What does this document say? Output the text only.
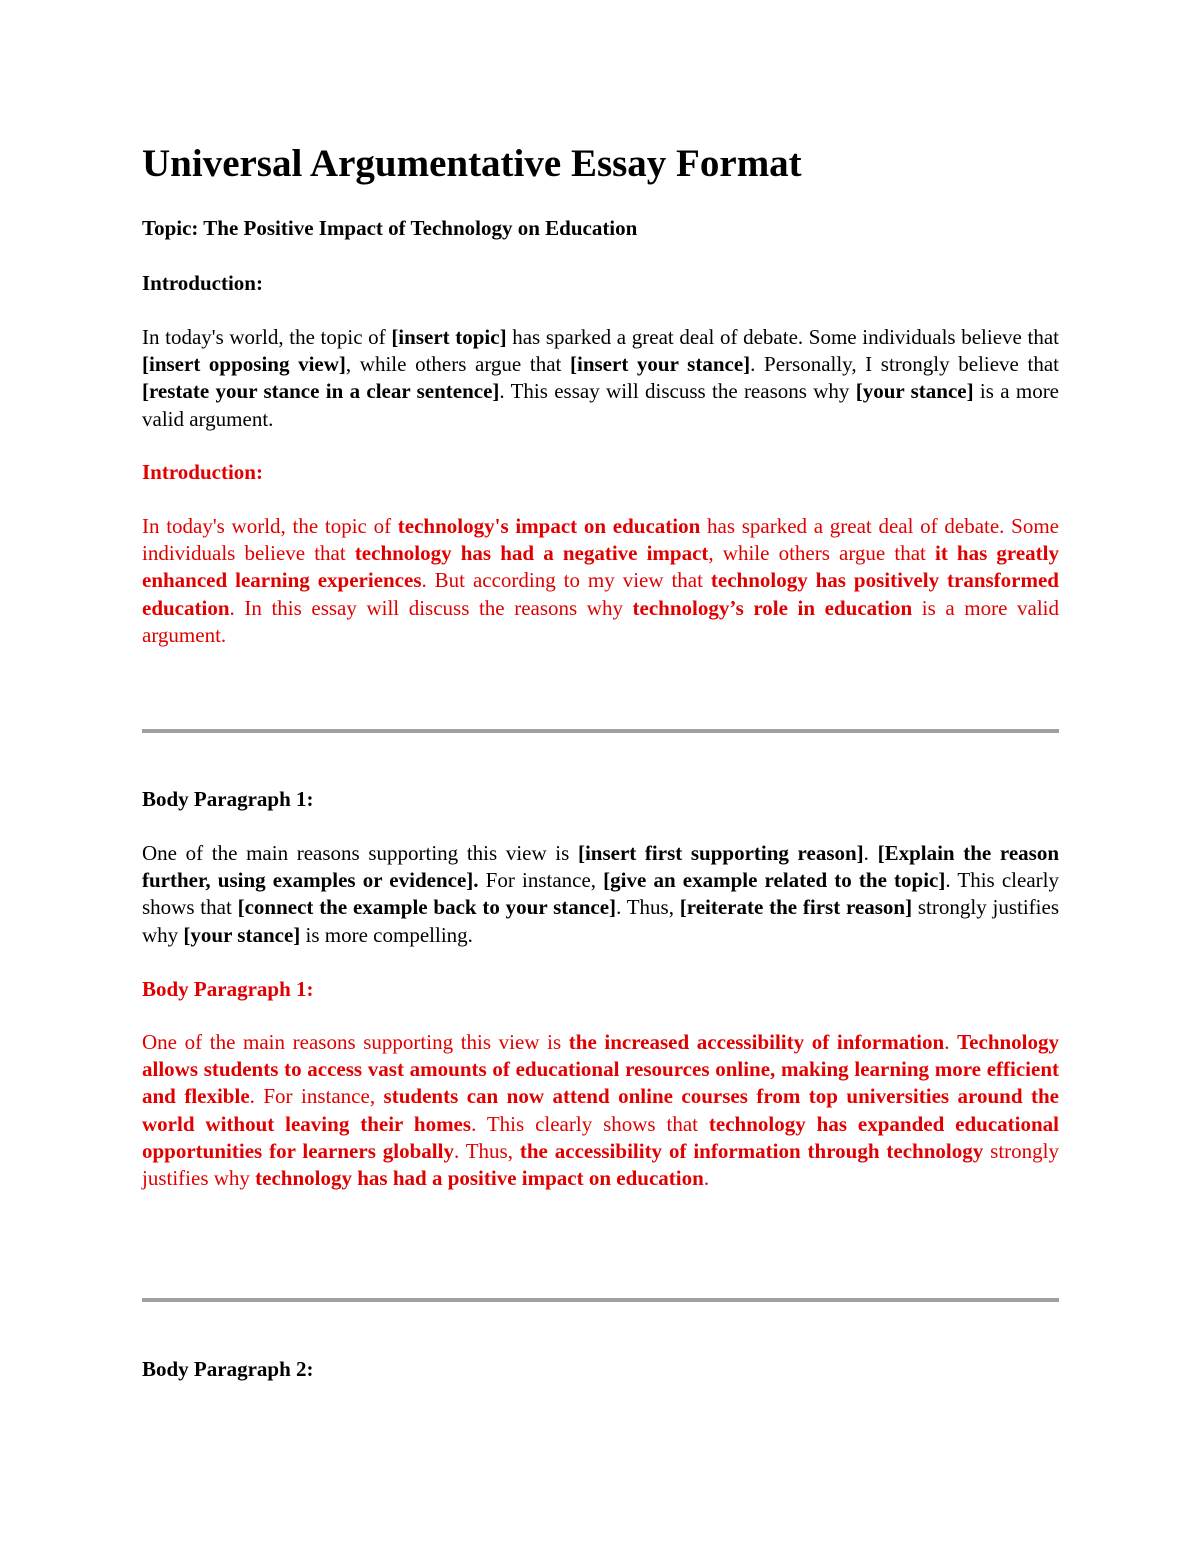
Universal Argumentative Essay Format

Topic: The Positive Impact of Technology on Education

Introduction:

In today's world, the topic of [insert topic] has sparked a great deal of debate. Some individuals believe that [insert opposing view], while others argue that [insert your stance]. Personally, I strongly believe that [restate your stance in a clear sentence]. This essay will discuss the reasons why [your stance] is a more valid argument.

Introduction:

In today's world, the topic of technology's impact on education has sparked a great deal of debate. Some individuals believe that technology has had a negative impact, while others argue that it has greatly enhanced learning experiences. But according to my view that technology has positively transformed education. In this essay will discuss the reasons why technology’s role in education is a more valid argument.

Body Paragraph 1:

One of the main reasons supporting this view is [insert first supporting reason]. [Explain the reason further, using examples or evidence]. For instance, [give an example related to the topic]. This clearly shows that [connect the example back to your stance]. Thus, [reiterate the first reason] strongly justifies why [your stance] is more compelling.

Body Paragraph 1:

One of the main reasons supporting this view is the increased accessibility of information. Technology allows students to access vast amounts of educational resources online, making learning more efficient and flexible. For instance, students can now attend online courses from top universities around the world without leaving their homes. This clearly shows that technology has expanded educational opportunities for learners globally. Thus, the accessibility of information through technology strongly justifies why technology has had a positive impact on education.

Body Paragraph 2:
